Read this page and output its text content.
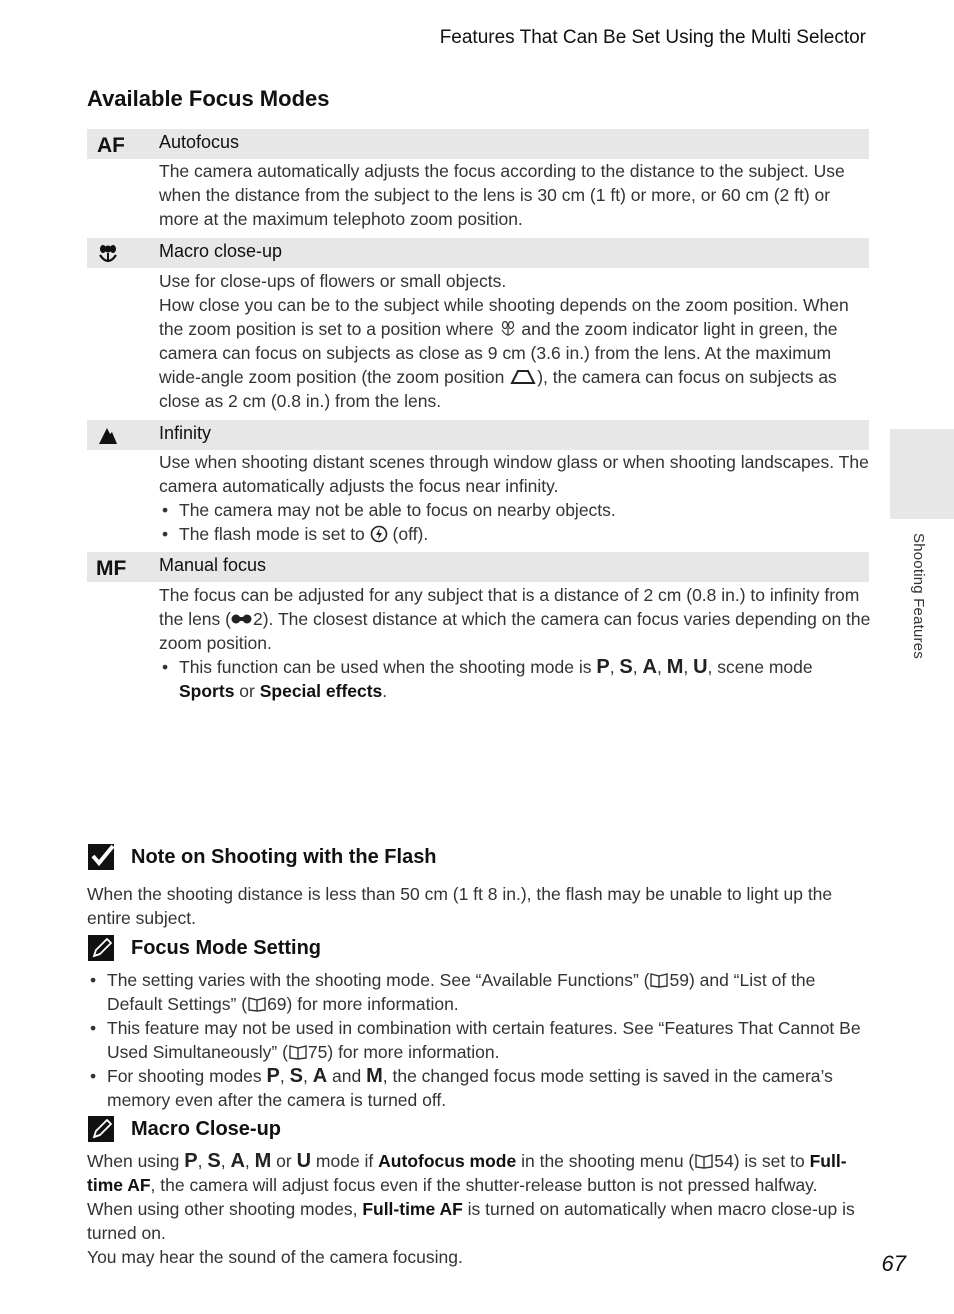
Features That Can Be Set Using the Multi Selector
Available Focus Modes
AF Autofocus

The camera automatically adjusts the focus according to the distance to the subject. Use when the distance from the subject to the lens is 30 cm (1 ft) or more, or 60 cm (2 ft) or more at the maximum telephoto zoom position.

Macro close-up

Use for close-ups of flowers or small objects.

How close you can be to the subject while shooting depends on the zoom position. When the zoom position is set to a position where  and the zoom indicator light in green, the camera can focus on subjects as close as 9 cm (3.6 in.) from the lens. At the maximum wide-angle zoom position (the zoom position ), the camera can focus on subjects as close as 2 cm (0.8 in.) from the lens.

Infinity

Use when shooting distant scenes through window glass or when shooting landscapes. The camera automatically adjusts the focus near infinity.

• The camera may not be able to focus on nearby objects.
• The flash mode is set to  (off).
MF Manual focus

The focus can be adjusted for any subject that is a distance of 2 cm (0.8 in.) to infinity from the lens ( 2). The closest distance at which the camera can focus varies depending on the zoom position.

• This function can be used when the shooting mode is P, S, A, M, U, scene mode Sports or Special effects.
Shooting Features
Note on Shooting with the Flash

When the shooting distance is less than 50 cm (1 ft 8 in.), the flash may be unable to light up the entire subject.

Focus Mode Setting
• The setting varies with the shooting mode. See “Available Functions” ( 59) and “List of the Default Settings” ( 69) for more information.
• This feature may not be used in combination with certain features. See “Features That Cannot Be Used Simultaneously” ( 75) for more information.
• For shooting modes P, S, A and M, the changed focus mode setting is saved in the camera’s memory even after the camera is turned off.
Macro Close-up

When using P, S, A, M or U mode if Autofocus mode in the shooting menu ( 54) is set to Full-time AF, the camera will adjust focus even if the shutter-release button is not pressed halfway.

When using other shooting modes, Full-time AF is turned on automatically when macro close-up is turned on.

You may hear the sound of the camera focusing.	67
